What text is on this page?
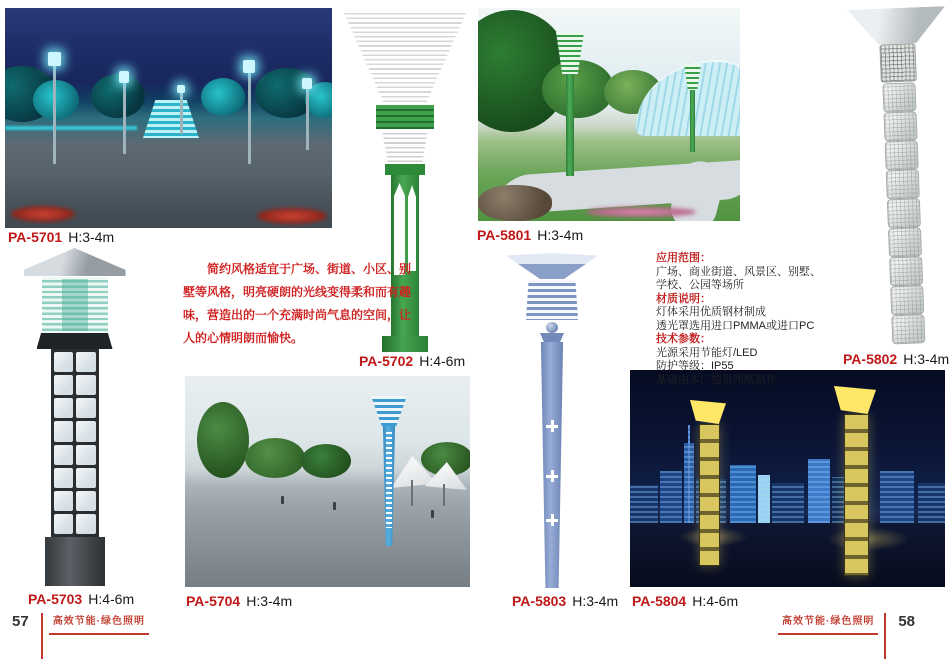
简约风格适宜于广场、街道、小区、别墅等风格，明亮硬朗的光线变得柔和而有趣味，营造出的一个充满时尚气息的空间，让人的心情明朗而愉快。
应用范围：
广场、商业街道、风景区、别墅、
学校、公园等场所
材质说明：
灯体采用优质钢材制成
透光罩选用进口PMMA或进口PC
技术参数：
光源采用节能灯/LED
防护等级：IP55
基础由本厂提供图纸制作
PA-5701 H:3-4m
PA-5702 H:4-6m
PA-5703 H:4-6m	PA-5704 H:3-4m
PA-5801 H:3-4m
PA-5802 H:3-4m
PA-5803 H:3-4m PA-5804 H:4-6m
57	高效节能·绿色照明	高效节能·绿色照明	58
